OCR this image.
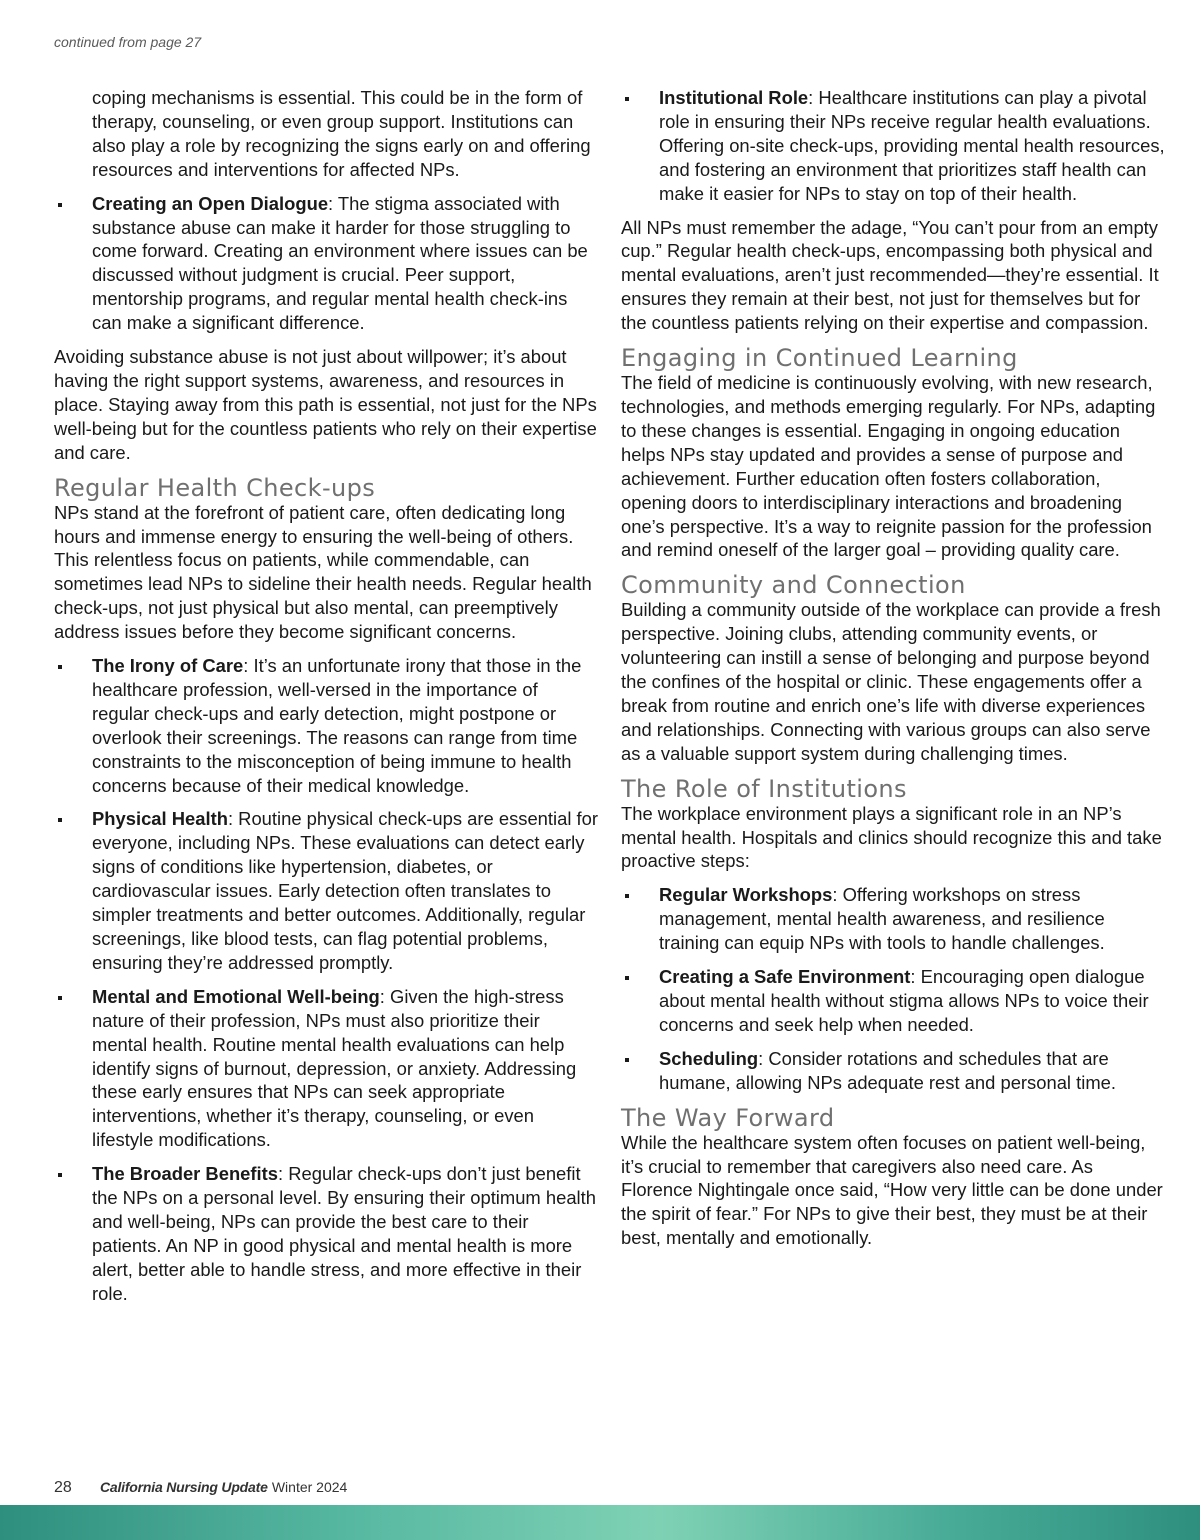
continued from page 27
coping mechanisms is essential. This could be in the form of therapy, counseling, or even group support. Institutions can also play a role by recognizing the signs early on and offering resources and interventions for affected NPs.
Creating an Open Dialogue: The stigma associated with substance abuse can make it harder for those struggling to come forward. Creating an environment where issues can be discussed without judgment is crucial. Peer support, mentorship programs, and regular mental health check-ins can make a significant difference.

Avoiding substance abuse is not just about willpower; it’s about having the right support systems, awareness, and resources in place. Staying away from this path is essential, not just for the NPs well-being but for the countless patients who rely on their expertise and care.

Regular Health Check-ups

NPs stand at the forefront of patient care, often dedicating long hours and immense energy to ensuring the well-being of others. This relentless focus on patients, while commendable, can sometimes lead NPs to sideline their health needs. Regular health check-ups, not just physical but also mental, can preemptively address issues before they become significant concerns.

The Irony of Care: It’s an unfortunate irony that those in the healthcare profession, well-versed in the importance of regular check-ups and early detection, might postpone or overlook their screenings. The reasons can range from time constraints to the misconception of being immune to health concerns because of their medical knowledge.
Physical Health: Routine physical check-ups are essential for everyone, including NPs. These evaluations can detect early signs of conditions like hypertension, diabetes, or cardiovascular issues. Early detection often translates to simpler treatments and better outcomes. Additionally, regular screenings, like blood tests, can flag potential problems, ensuring they’re addressed promptly.
Mental and Emotional Well-being: Given the high-stress nature of their profession, NPs must also prioritize their mental health. Routine mental health evaluations can help identify signs of burnout, depression, or anxiety. Addressing these early ensures that NPs can seek appropriate interventions, whether it’s therapy, counseling, or even lifestyle modifications.
The Broader Benefits: Regular check-ups don’t just benefit the NPs on a personal level. By ensuring their optimum health and well-being, NPs can provide the best care to their patients. An NP in good physical and mental health is more alert, better able to handle stress, and more effective in their role.
Institutional Role: Healthcare institutions can play a pivotal role in ensuring their NPs receive regular health evaluations. Offering on-site check-ups, providing mental health resources, and fostering an environment that prioritizes staff health can make it easier for NPs to stay on top of their health.

All NPs must remember the adage, “You can’t pour from an empty cup.” Regular health check-ups, encompassing both physical and mental evaluations, aren’t just recommended—they’re essential. It ensures they remain at their best, not just for themselves but for the countless patients relying on their expertise and compassion.

Engaging in Continued Learning

The field of medicine is continuously evolving, with new research, technologies, and methods emerging regularly. For NPs, adapting to these changes is essential. Engaging in ongoing education helps NPs stay updated and provides a sense of purpose and achievement. Further education often fosters collaboration, opening doors to interdisciplinary interactions and broadening one’s perspective. It’s a way to reignite passion for the profession and remind oneself of the larger goal – providing quality care.

Community and Connection

Building a community outside of the workplace can provide a fresh perspective. Joining clubs, attending community events, or volunteering can instill a sense of belonging and purpose beyond the confines of the hospital or clinic. These engagements offer a break from routine and enrich one’s life with diverse experiences and relationships. Connecting with various groups can also serve as a valuable support system during challenging times.

The Role of Institutions

The workplace environment plays a significant role in an NP’s mental health. Hospitals and clinics should recognize this and take proactive steps:

Regular Workshops: Offering workshops on stress management, mental health awareness, and resilience training can equip NPs with tools to handle challenges.
Creating a Safe Environment: Encouraging open dialogue about mental health without stigma allows NPs to voice their concerns and seek help when needed.
Scheduling: Consider rotations and schedules that are humane, allowing NPs adequate rest and personal time.
The Way Forward

While the healthcare system often focuses on patient well-being, it’s crucial to remember that caregivers also need care. As Florence Nightingale once said, “How very little can be done under the spirit of fear.” For NPs to give their best, they must be at their best, mentally and emotionally.

28 California Nursing Update Winter 2024
